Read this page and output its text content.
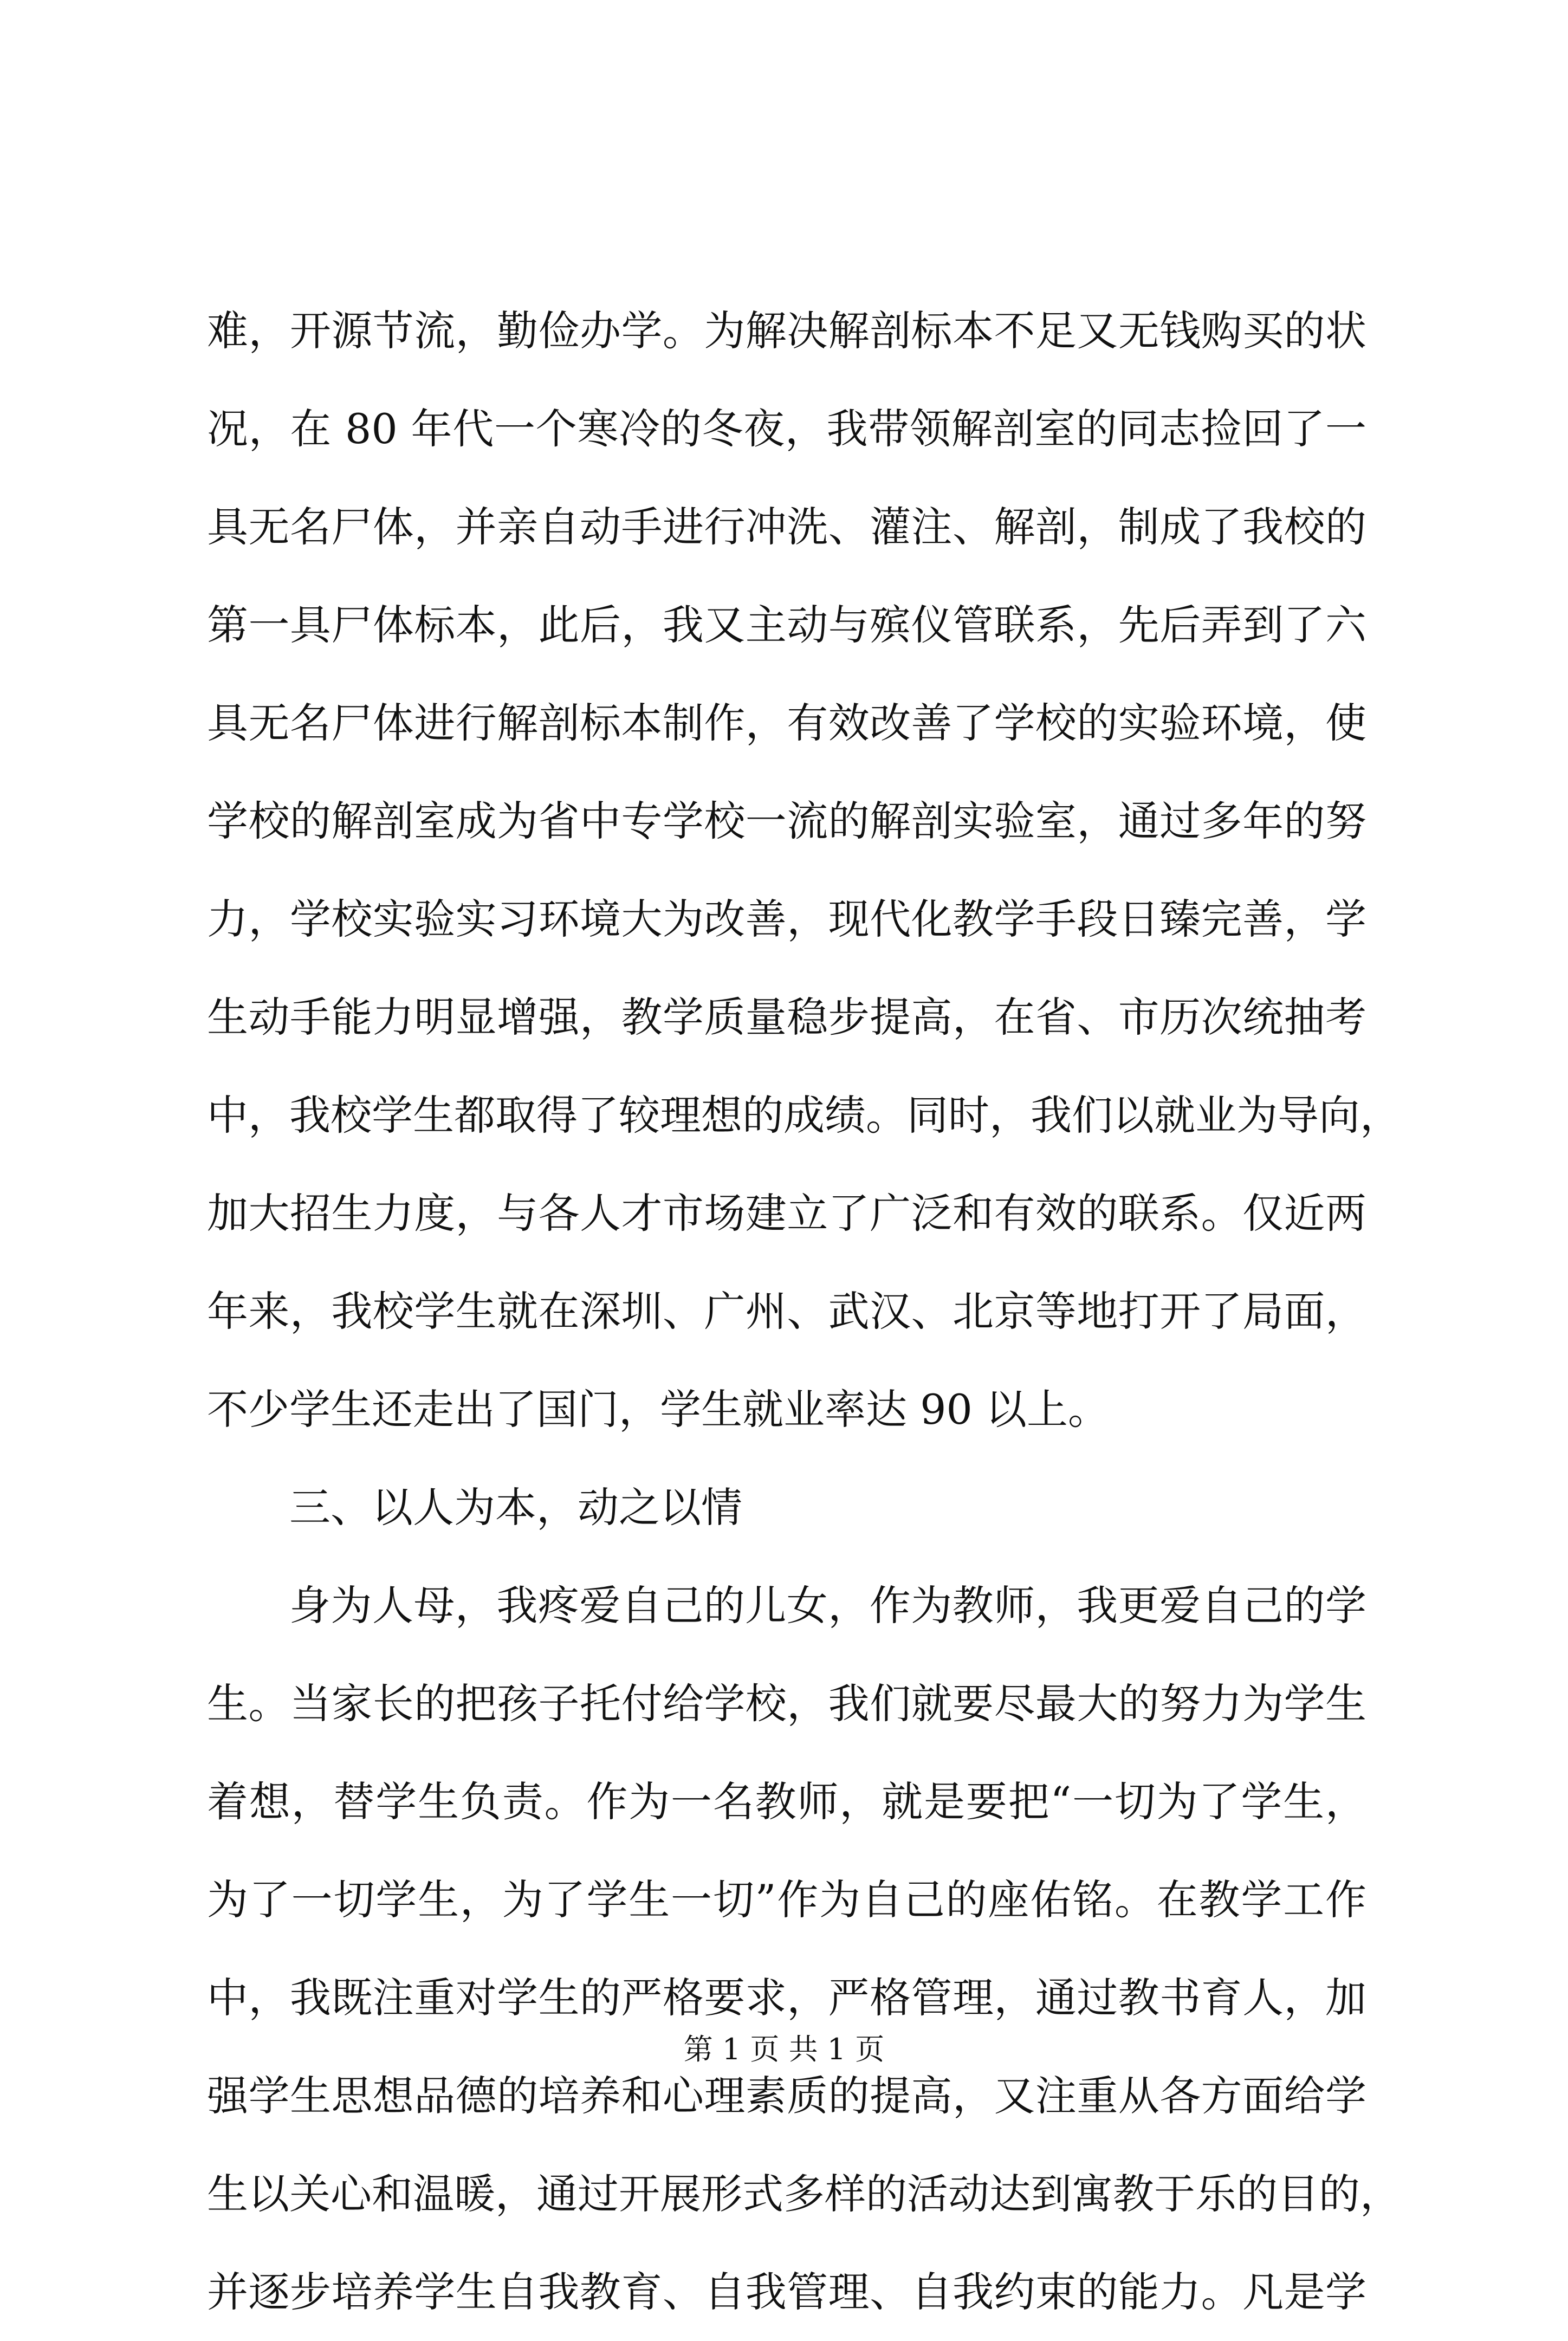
难，开源节流，勤俭办学。为解决解剖标本不足又无钱购买的状
况，在 80 年代一个寒冷的冬夜，我带领解剖室的同志捡回了一
具无名尸体，并亲自动手进行冲洗、灌注、解剖，制成了我校的
第一具尸体标本，此后，我又主动与殡仪管联系，先后弄到了六
具无名尸体进行解剖标本制作，有效改善了学校的实验环境，使
学校的解剖室成为省中专学校一流的解剖实验室，通过多年的努
力，学校实验实习环境大为改善，现代化教学手段日臻完善，学
生动手能力明显增强，教学质量稳步提高，在省、市历次统抽考
中，我校学生都取得了较理想的成绩。同时，我们以就业为导向，
加大招生力度，与各人才市场建立了广泛和有效的联系。仅近两
年来，我校学生就在深圳、广州、武汉、北京等地打开了局面，
不少学生还走出了国门，学生就业率达 90 以上。
三、以人为本，动之以情
身为人母，我疼爱自己的儿女，作为教师，我更爱自己的学
生。当家长的把孩子托付给学校，我们就要尽最大的努力为学生
着想，替学生负责。作为一名教师，就是要把“一切为了学生，
为了一切学生，为了学生一切”作为自己的座佑铭。在教学工作
中，我既注重对学生的严格要求，严格管理，通过教书育人，加
强学生思想品德的培养和心理素质的提高，又注重从各方面给学
生以关心和温暖，通过开展形式多样的活动达到寓教于乐的目的，
并逐步培养学生自我教育、自我管理、自我约束的能力。凡是学
第 1 页 共 1 页
